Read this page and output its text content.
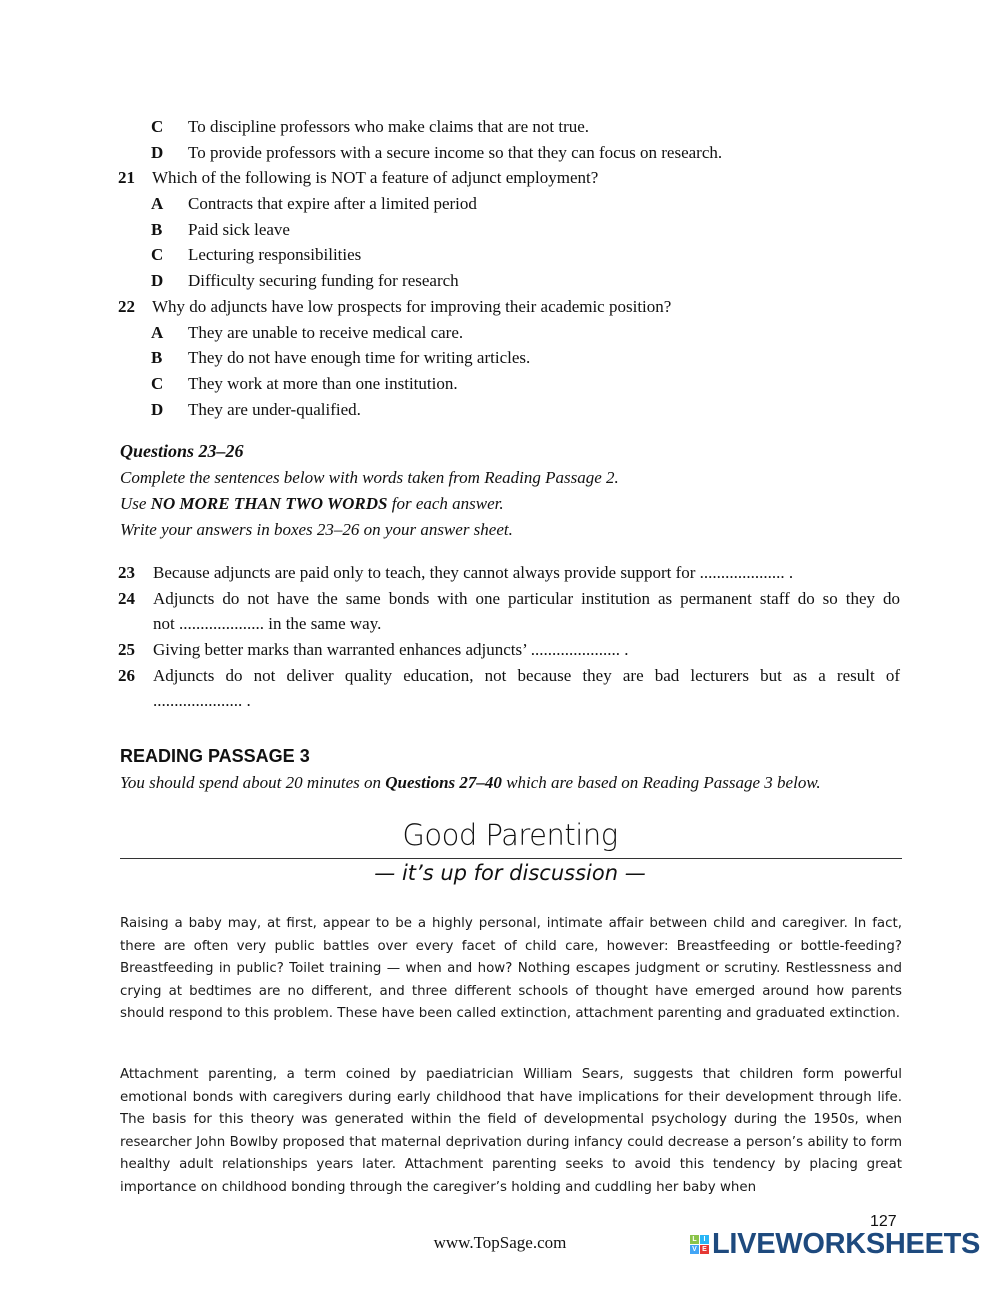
C To discipline professors who make claims that are not true.
D To provide professors with a secure income so that they can focus on research.
21 Which of the following is NOT a feature of adjunct employment?
A Contracts that expire after a limited period
B Paid sick leave
C Lecturing responsibilities
D Difficulty securing funding for research
22 Why do adjuncts have low prospects for improving their academic position?
A They are unable to receive medical care.
B They do not have enough time for writing articles.
C They work at more than one institution.
D They are under-qualified.
Questions 23–26
Complete the sentences below with words taken from Reading Passage 2.
Use NO MORE THAN TWO WORDS for each answer.
Write your answers in boxes 23–26 on your answer sheet.
23 Because adjuncts are paid only to teach, they cannot always provide support for .................... .
24 Adjuncts do not have the same bonds with one particular institution as permanent staff do so they do
not .................... in the same way.
25 Giving better marks than warranted enhances adjuncts’ ..................... .
26 Adjuncts do not deliver quality education, not because they are bad lecturers but as a result of
..................... .
READING PASSAGE 3
You should spend about 20 minutes on Questions 27–40 which are based on Reading Passage 3 below.
Good Parenting
— it’s up for discussion —

Raising a baby may, at first, appear to be a highly personal, intimate affair between child and caregiver. In fact, there are often very public battles over every facet of child care, however: Breastfeeding or bottle-feeding? Breastfeeding in public? Toilet training — when and how? Nothing escapes judgment or scrutiny. Restlessness and crying at bedtimes are no different, and three different schools of thought have emerged around how parents should respond to this problem. These have been called extinction, attachment parenting and graduated extinction.

Attachment parenting, a term coined by paediatrician William Sears, suggests that children form powerful emotional bonds with caregivers during early childhood that have implications for their development through life. The basis for this theory was generated within the field of developmental psychology during the 1950s, when researcher John Bowlby proposed that maternal deprivation during infancy could decrease a person’s ability to form healthy adult relationships years later. Attachment parenting seeks to avoid this tendency by placing great importance on childhood bonding through the caregiver’s holding and cuddling her baby when

127
www.TopSage.com	L I
V E LIVEWORKSHEETS
